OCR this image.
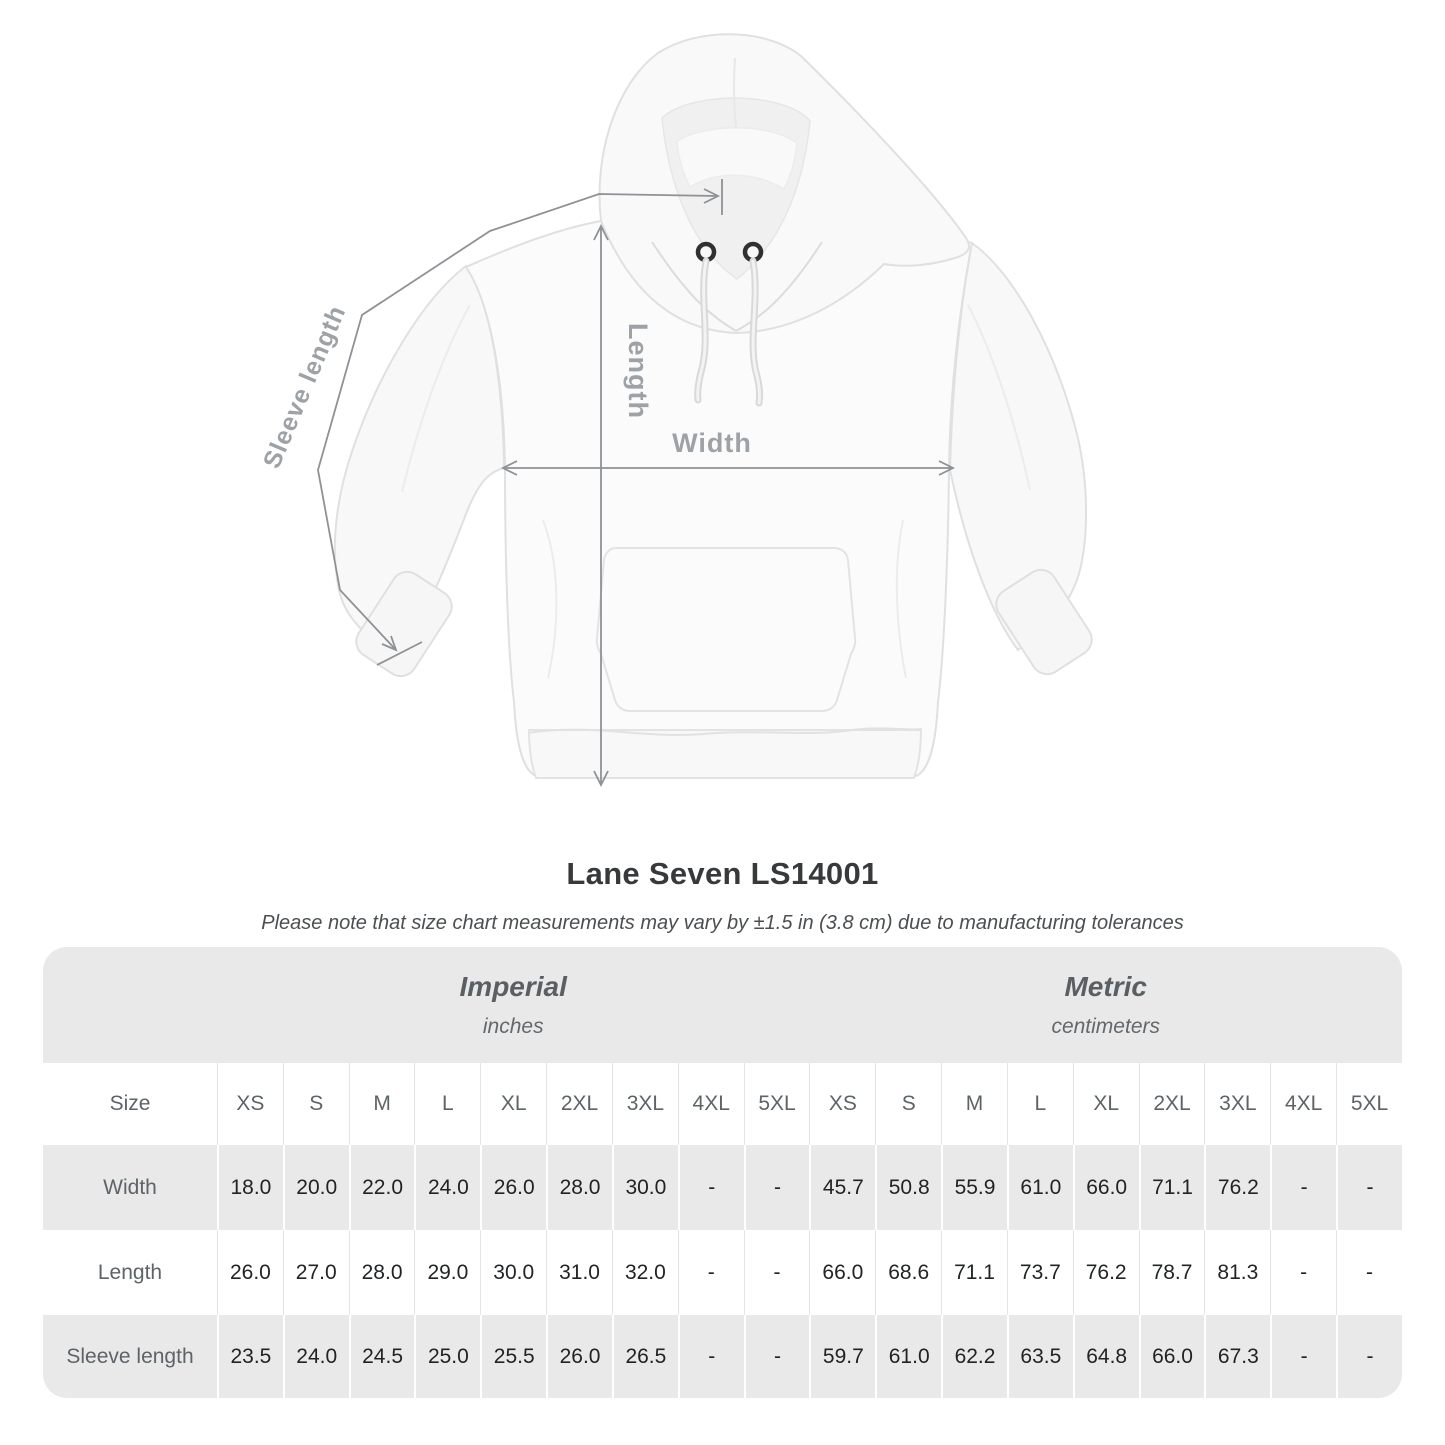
Sleeve length	Length
Width
Lane Seven LS14001
Please note that size chart measurements may vary by ±1.5 in (3.8 cm) due to manufacturing tolerances

Imperial
inches

Metric
centimeters

Size	XS	S	M	L	XL	2XL	3XL	4XL	5XL	XS	S	M	L	XL	2XL	3XL	4XL	5XL
Width	18.0	20.0	22.0	24.0	26.0	28.0	30.0	-	-	45.7	50.8	55.9	61.0	66.0	71.1	76.2	-	-
Length	26.0	27.0	28.0	29.0	30.0	31.0	32.0	-	-	66.0	68.6	71.1	73.7	76.2	78.7	81.3	-	-
Sleeve length	23.5	24.0	24.5	25.0	25.5	26.0	26.5	-	-	59.7	61.0	62.2	63.5	64.8	66.0	67.3	-	-
